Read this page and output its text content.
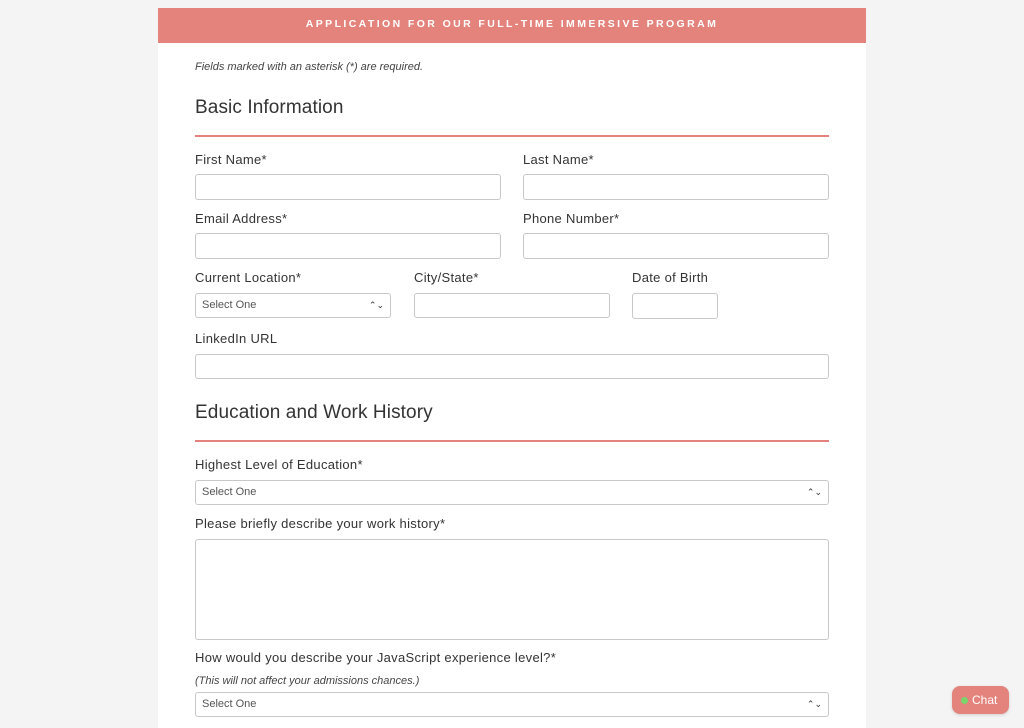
APPLICATION FOR OUR FULL-TIME IMMERSIVE PROGRAM
Fields marked with an asterisk (*) are required.
Basic Information
First Name*	Last Name*
Email Address*	Phone Number*
Current Location*	City/State*	Date of Birth
Select One	⌃⌄
LinkedIn URL
Education and Work History
Highest Level of Education*
Select One	⌃⌄
Please briefly describe your work history*
How would you describe your JavaScript experience level?*
(This will not affect your admissions chances.)
Select One	⌃⌄	Chat
